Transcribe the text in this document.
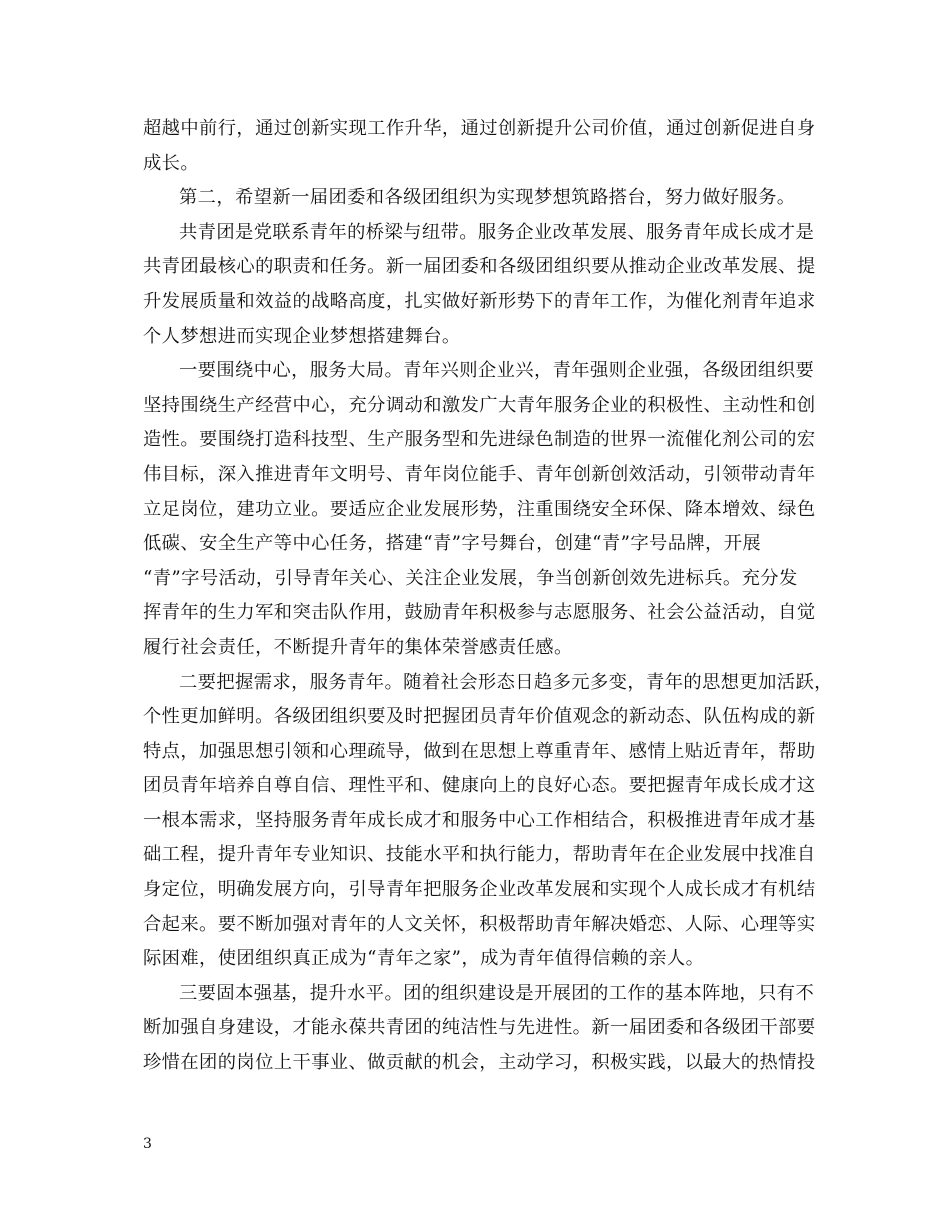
超越中前行，通过创新实现工作升华，通过创新提升公司价值，通过创新促进自身
成长。
第二，希望新一届团委和各级团组织为实现梦想筑路搭台，努力做好服务。
共青团是党联系青年的桥梁与纽带。服务企业改革发展、服务青年成长成才是
共青团最核心的职责和任务。新一届团委和各级团组织要从推动企业改革发展、提
升发展质量和效益的战略高度，扎实做好新形势下的青年工作，为催化剂青年追求
个人梦想进而实现企业梦想搭建舞台。
一要围绕中心，服务大局。青年兴则企业兴，青年强则企业强，各级团组织要
坚持围绕生产经营中心，充分调动和激发广大青年服务企业的积极性、主动性和创
造性。要围绕打造科技型、生产服务型和先进绿色制造的世界一流催化剂公司的宏
伟目标，深入推进青年文明号、青年岗位能手、青年创新创效活动，引领带动青年
立足岗位，建功立业。要适应企业发展形势，注重围绕安全环保、降本增效、绿色
低碳、安全生产等中心任务，搭建“青”字号舞台，创建“青”字号品牌，开展
“青”字号活动，引导青年关心、关注企业发展，争当创新创效先进标兵。充分发
挥青年的生力军和突击队作用，鼓励青年积极参与志愿服务、社会公益活动，自觉
履行社会责任，不断提升青年的集体荣誉感责任感。
二要把握需求，服务青年。随着社会形态日趋多元多变，青年的思想更加活跃，
个性更加鲜明。各级团组织要及时把握团员青年价值观念的新动态、队伍构成的新
特点，加强思想引领和心理疏导，做到在思想上尊重青年、感情上贴近青年，帮助
团员青年培养自尊自信、理性平和、健康向上的良好心态。要把握青年成长成才这
一根本需求，坚持服务青年成长成才和服务中心工作相结合，积极推进青年成才基
础工程，提升青年专业知识、技能水平和执行能力，帮助青年在企业发展中找准自
身定位，明确发展方向，引导青年把服务企业改革发展和实现个人成长成才有机结
合起来。要不断加强对青年的人文关怀，积极帮助青年解决婚恋、人际、心理等实
际困难，使团组织真正成为“青年之家”，成为青年值得信赖的亲人。
三要固本强基，提升水平。团的组织建设是开展团的工作的基本阵地，只有不
断加强自身建设，才能永葆共青团的纯洁性与先进性。新一届团委和各级团干部要
珍惜在团的岗位上干事业、做贡献的机会，主动学习，积极实践，以最大的热情投
3
